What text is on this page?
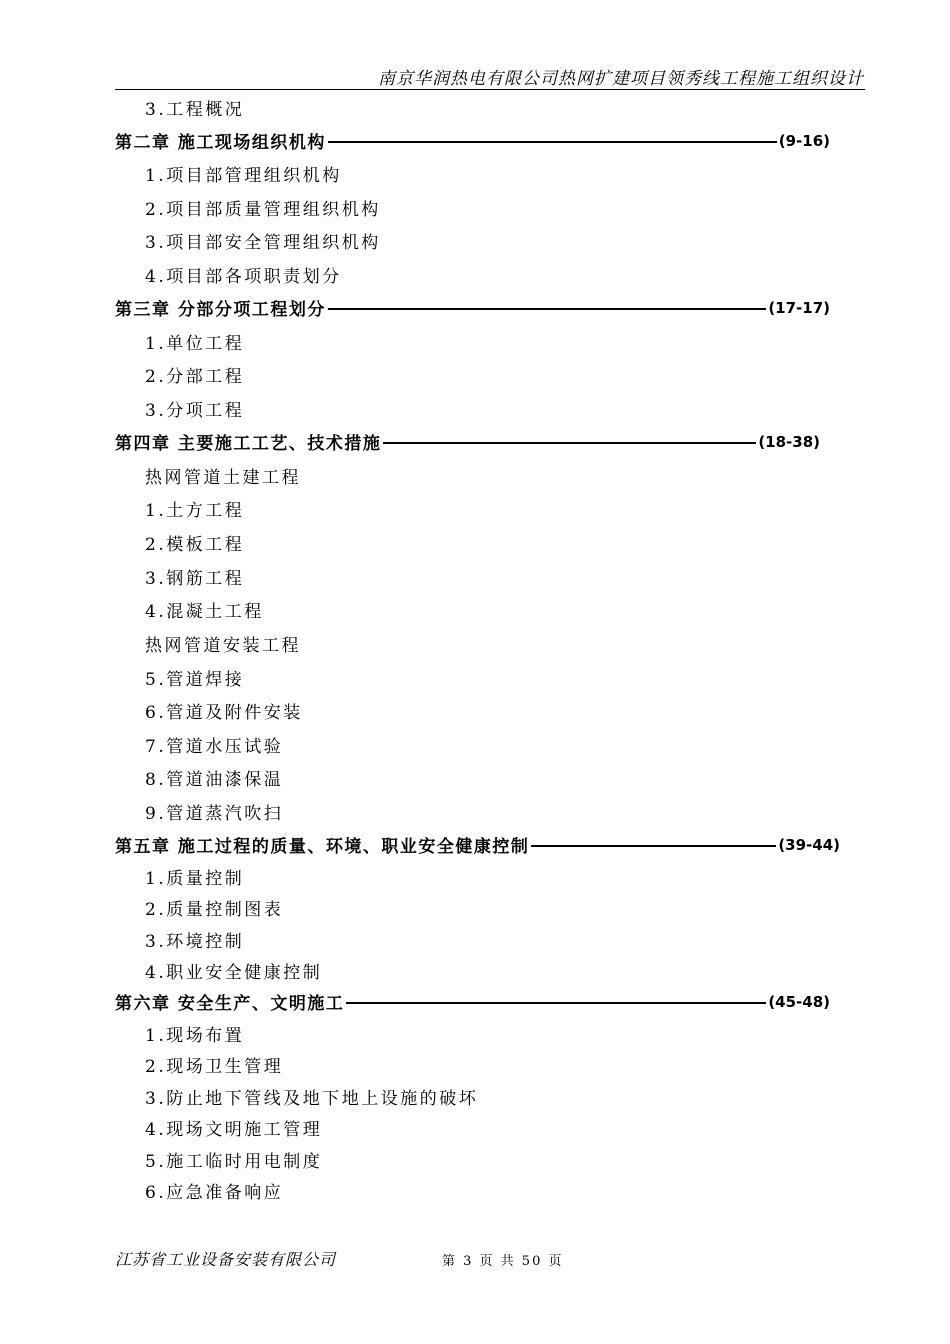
南京华润热电有限公司热网扩建项目领秀线工程施工组织设计
3.工程概况
第二章 施工现场组织机构	(9-16)
1.项目部管理组织机构
2.项目部质量管理组织机构
3.项目部安全管理组织机构
4.项目部各项职责划分
第三章 分部分项工程划分	(17-17)
1.单位工程
2.分部工程
3.分项工程
第四章 主要施工工艺、技术措施	(18-38)
热网管道土建工程
1.土方工程
2.模板工程
3.钢筋工程
4.混凝土工程
热网管道安装工程
5.管道焊接
6.管道及附件安装
7.管道水压试验
8.管道油漆保温
9.管道蒸汽吹扫
第五章 施工过程的质量、环境、职业安全健康控制	(39-44)
1.质量控制
2.质量控制图表
3.环境控制
4.职业安全健康控制
第六章 安全生产、文明施工	(45-48)
1.现场布置
2.现场卫生管理
3.防止地下管线及地下地上设施的破坏
4.现场文明施工管理
5.施工临时用电制度
6.应急准备响应
江苏省工业设备安装有限公司	第 3 页 共 50 页
